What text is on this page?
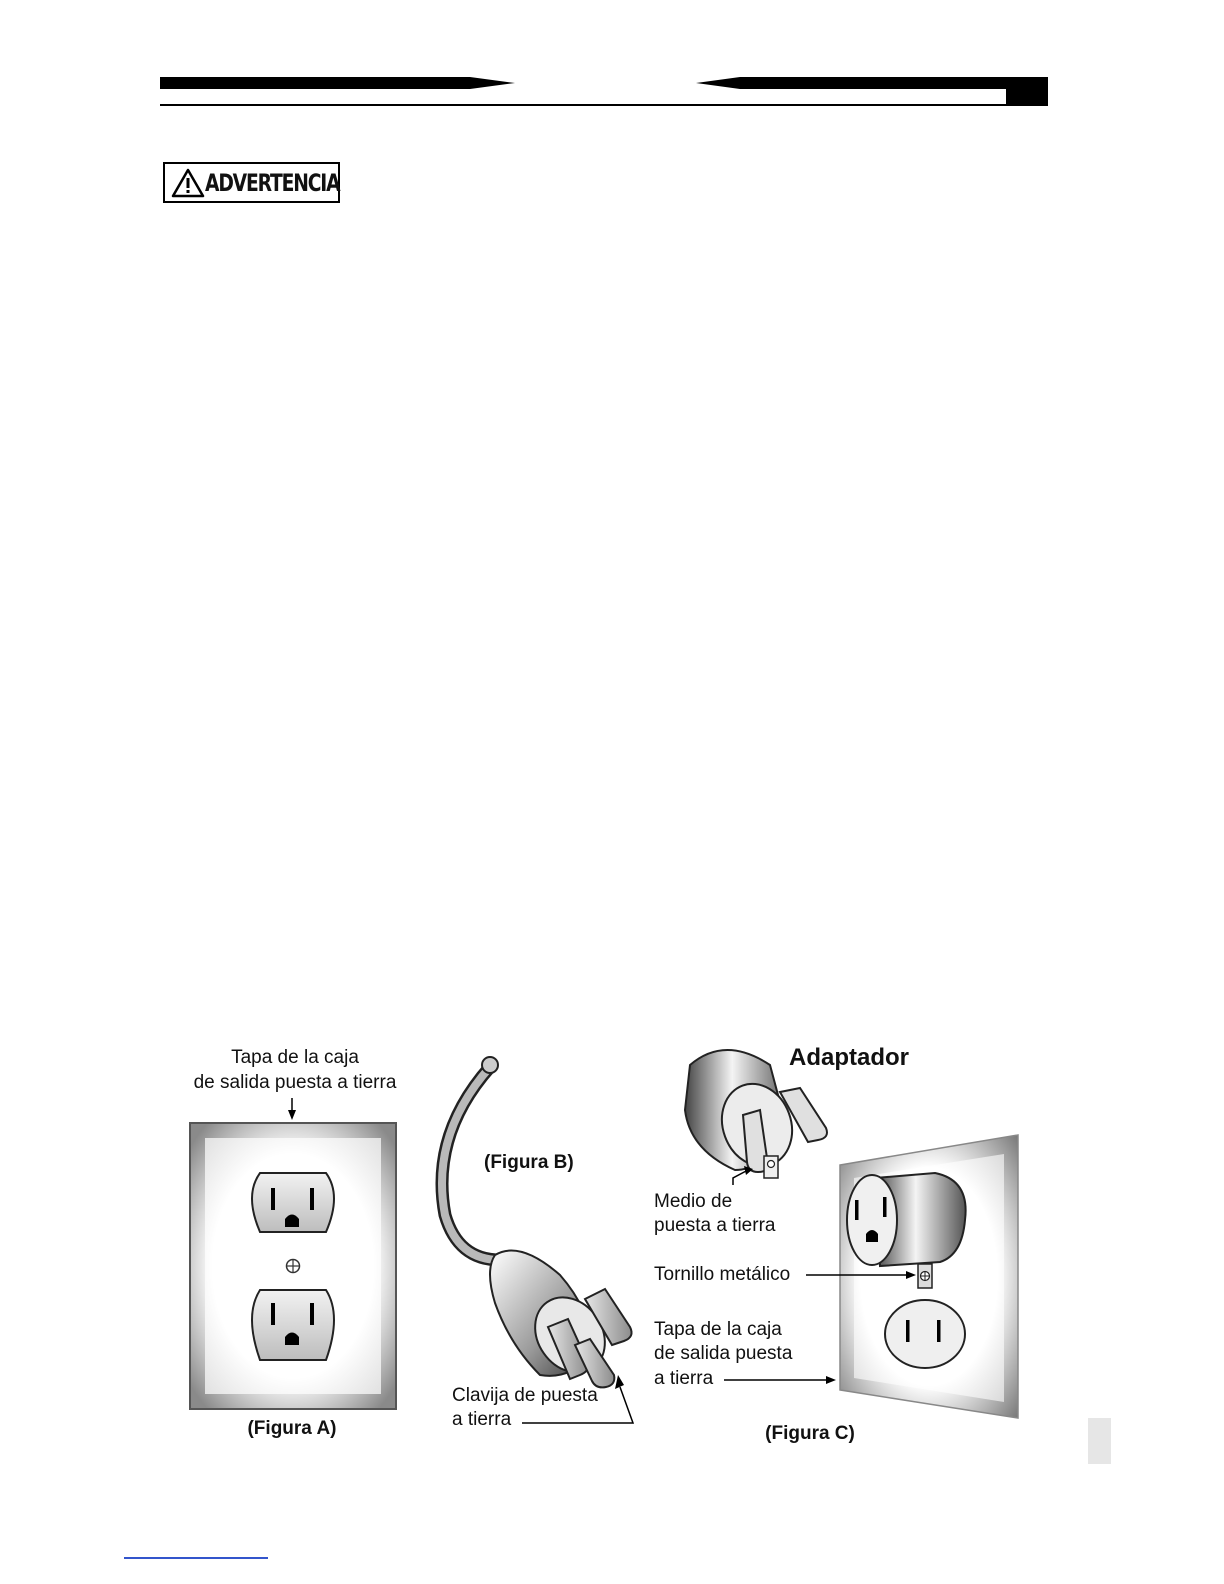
ADVERTENCIA
Tapa de la caja
de salida puesta a tierra
(Figura A)
(Figura B)
Clavija de puesta
a tierra
Adaptador
Medio de
puesta a tierra
Tornillo metálico
Tapa de la caja
de salida puesta
a tierra
(Figura C)
